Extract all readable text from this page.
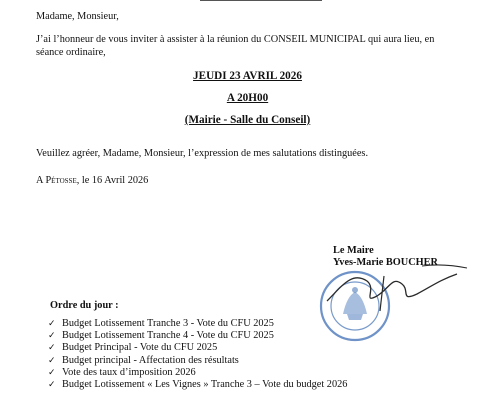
Madame, Monsieur,
J’ai l’honneur de vous inviter à assister à la réunion du CONSEIL MUNICIPAL qui aura lieu, en
séance ordinaire,
JEUDI 23 AVRIL 2026
A 20H00
(Mairie - Salle du Conseil)
Veuillez agréer, Madame, Monsieur, l’expression de mes salutations distinguées.
A Pétosse, le 16 Avril 2026
Le Maire
Yves-Marie BOUCHER
Ordre du jour :
✓ Budget Lotissement Tranche 3 - Vote du CFU 2025
✓ Budget Lotissement Tranche 4 - Vote du CFU 2025
✓ Budget Principal - Vote du CFU 2025
✓ Budget principal - Affectation des résultats
✓ Vote des taux d’imposition 2026
✓ Budget Lotissement « Les Vignes » Tranche 3 – Vote du budget 2026
